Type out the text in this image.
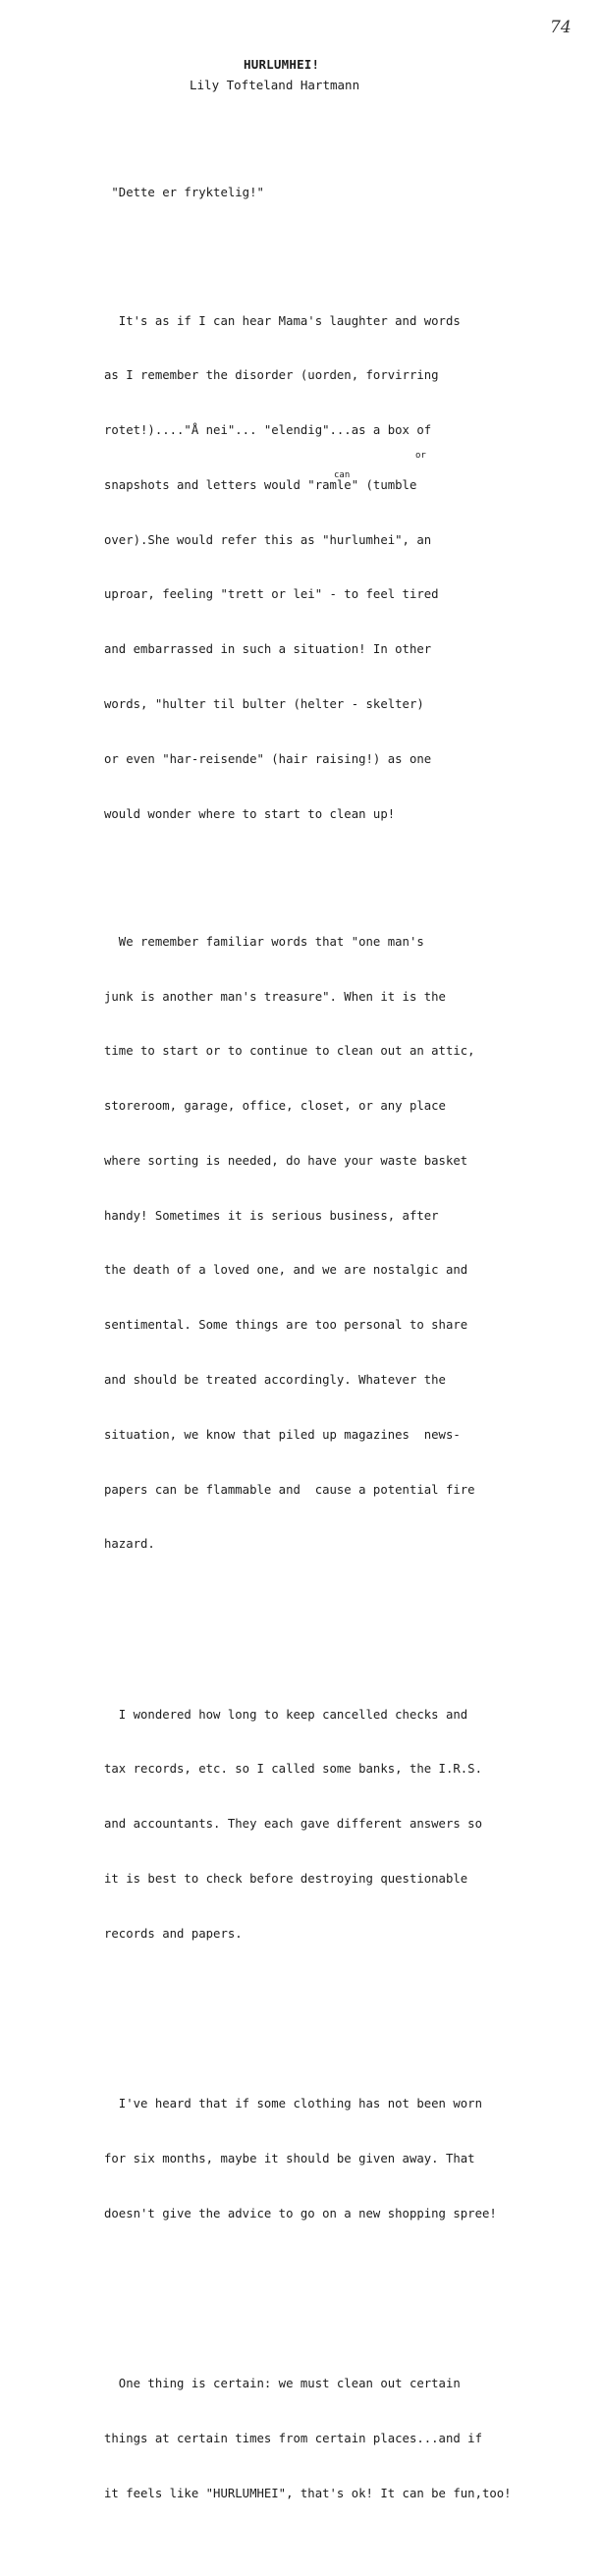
74
HURLUMHEI!
Lily Tofteland Hartmann

"Dette er fryktelig!"

It's as if I can hear Mama's laughter and words

as I remember the disorder (uorden, forvirring

rotet!)...."Å nei"... "elendig"...as a box of

snapshots and letters would "ramle" (tumble

over).She would refer this as "hurlumhei", an

uproar, feeling "trett or lei" - to feel tired

and embarrassed in such a situation! In other

words, "hulter til bulter (helter - skelter)

or even "har-reisende" (hair raising!) as one

would wonder where to start to clean up!

We remember familiar words that "one man's

junk is another man's treasure". When it is the

time to start or to continue to clean out an attic,

storeroom, garage, office, closet, or any place

where sorting is needed, do have your waste basket

handy! Sometimes it is serious business, after

the death of a loved one, and we are nostalgic and

sentimental. Some things are too personal to share

and should be treated accordingly. Whatever the

situation, we know that piled up magazines  news-

papers can be flammable and  cause a potential fire

hazard.

I wondered how long to keep cancelled checks and

tax records, etc. so I called some banks, the I.R.S.

and accountants. They each gave different answers so

it is best to check before destroying questionable

records and papers.

I've heard that if some clothing has not been worn

for six months, maybe it should be given away. That

doesn't give the advice to go on a new shopping spree!

One thing is certain: we must clean out certain

things at certain times from certain places...and if

it feels like "HURLUMHEI", that's ok! It can be fun,too!

or
can
